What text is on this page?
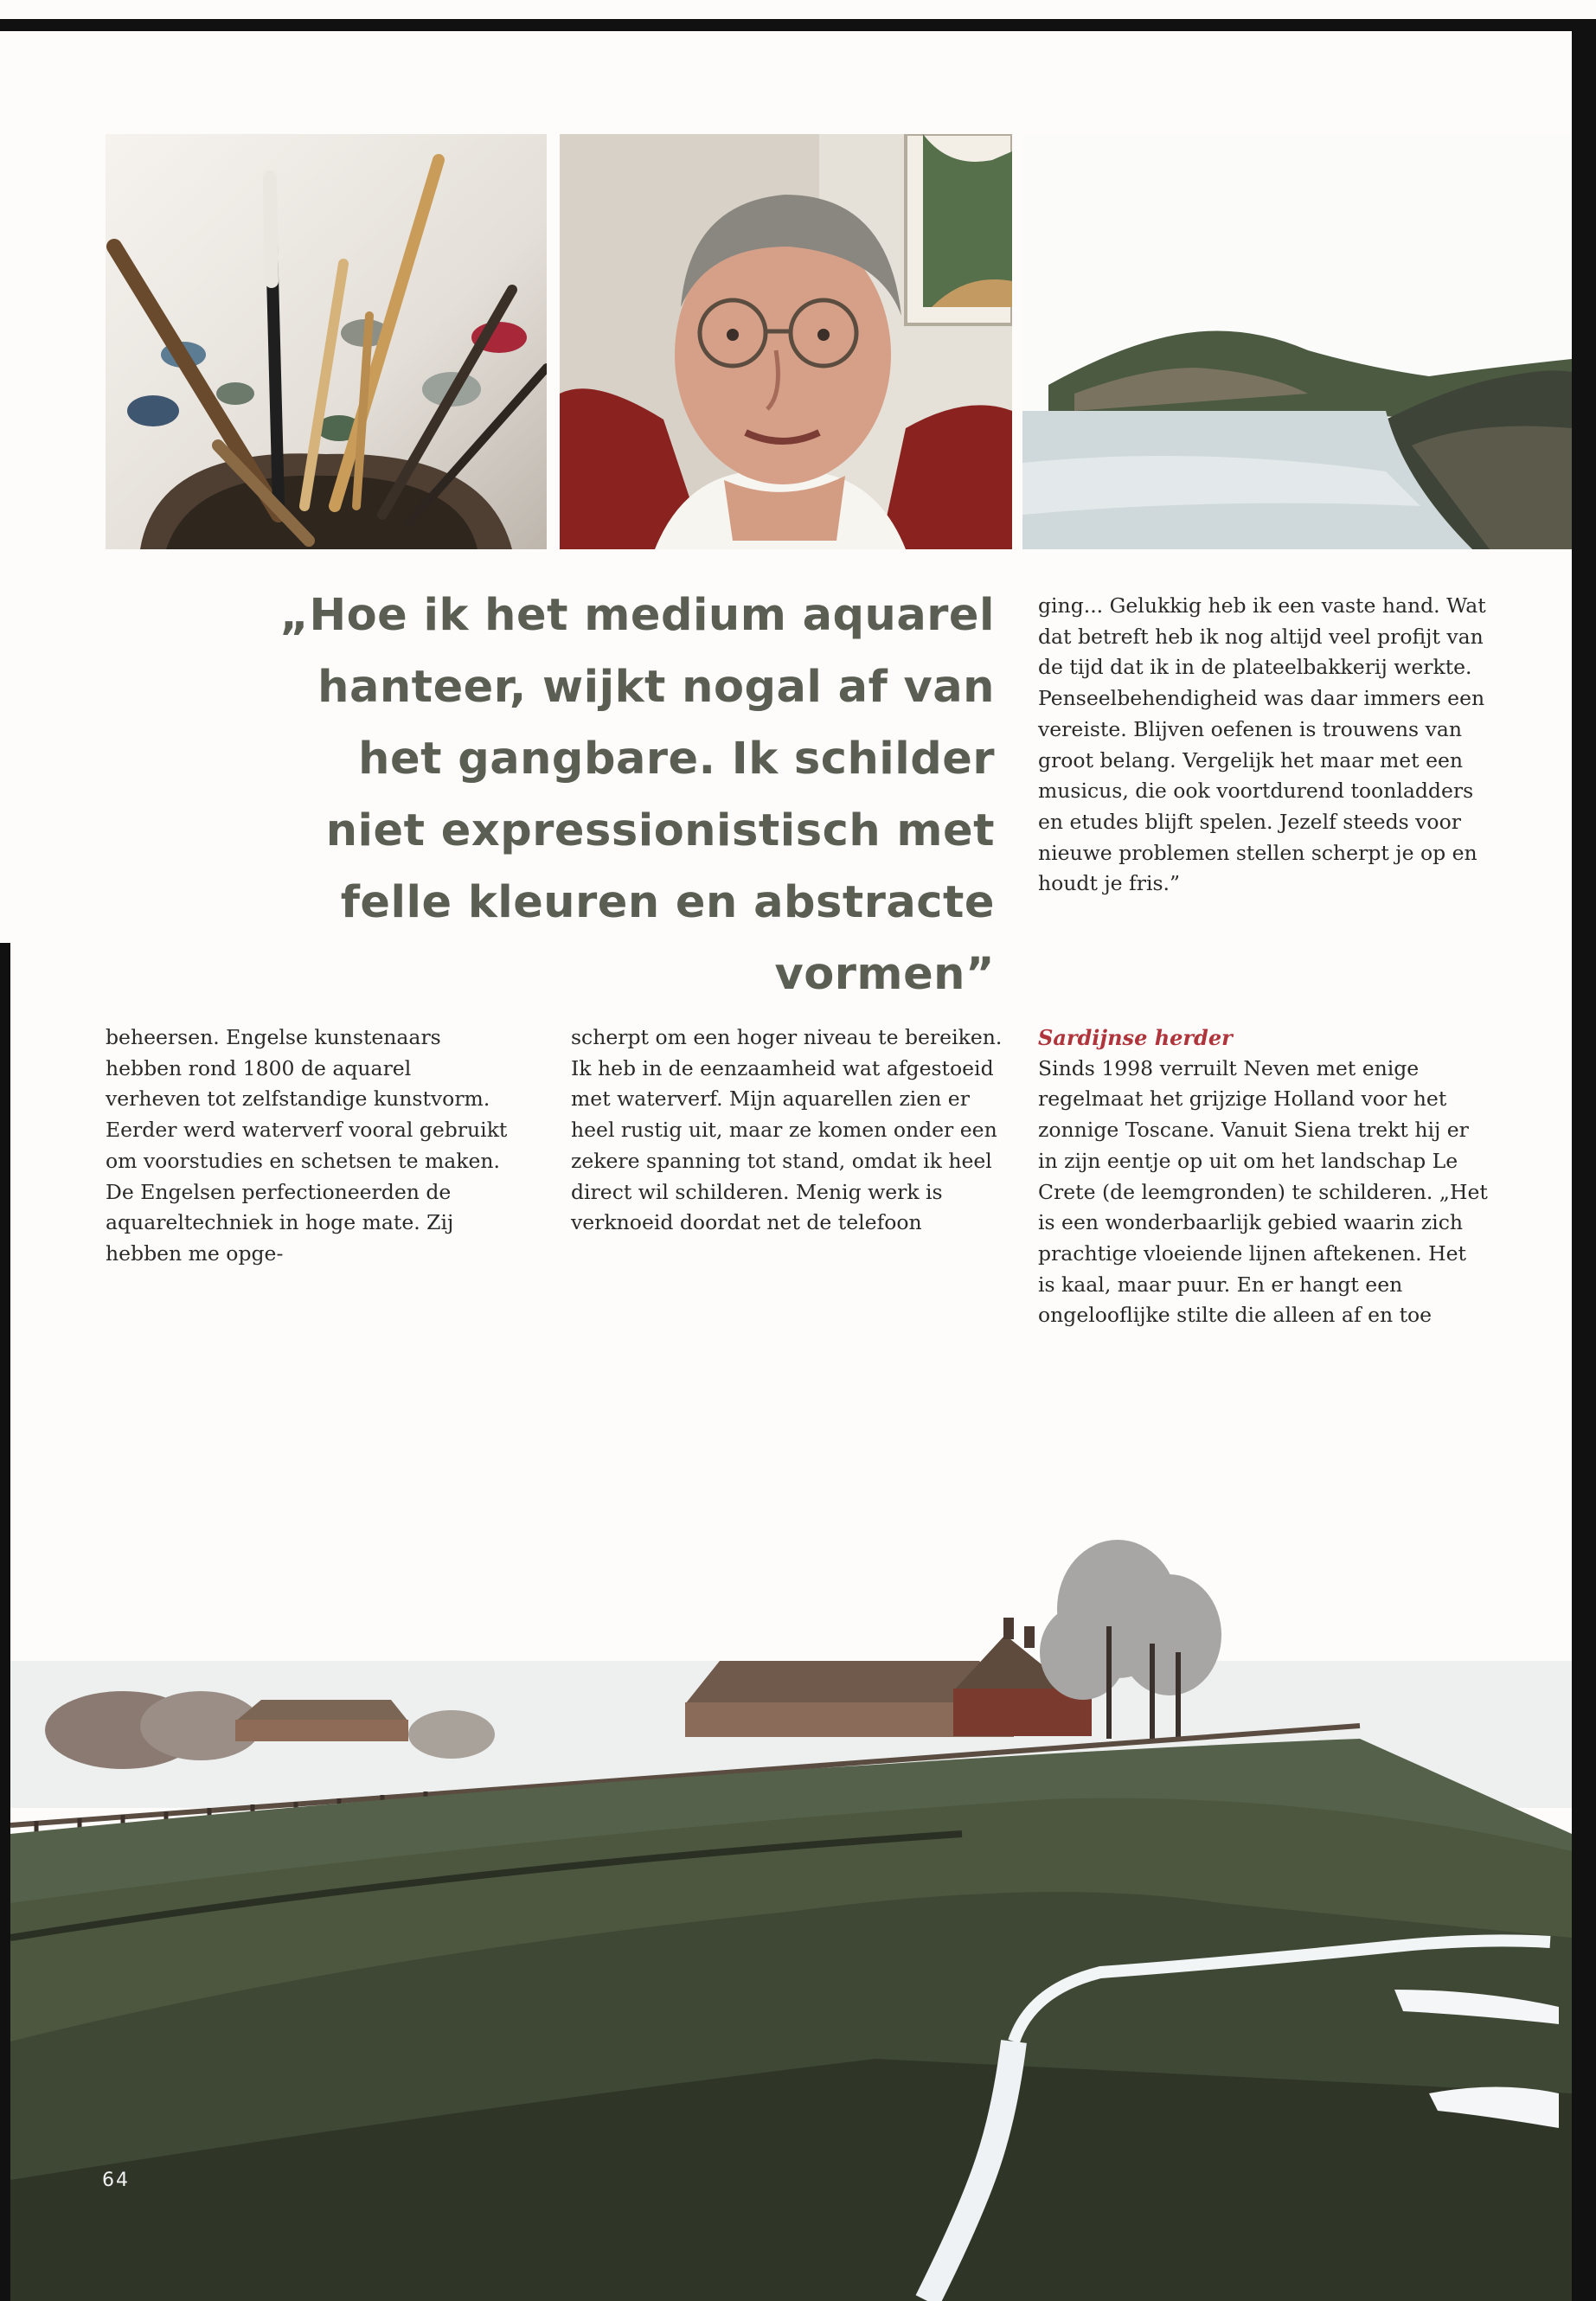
„Hoe ik het medium aquarel hanteer, wijkt nogal af van het gangbare. Ik schilder niet expressionistisch met felle kleuren en abstracte vormen”

ging... Gelukkig heb ik een vaste hand. Wat dat betreft heb ik nog altijd veel profijt van de tijd dat ik in de plateelbakkerij werkte. Penseelbehendigheid was daar immers een vereiste. Blijven oefenen is trouwens van groot belang. Vergelijk het maar met een musicus, die ook voortdurend toonladders en etudes blijft spelen. Jezelf steeds voor nieuwe problemen stellen scherpt je op en houdt je fris.”

beheersen. Engelse kunstenaars hebben rond 1800 de aquarel verheven tot zelfstandige kunstvorm. Eerder werd waterverf vooral gebruikt om voorstudies en schetsen te maken. De Engelsen perfectioneerden de aquareltechniek in hoge mate. Zij hebben me opge-

scherpt om een hoger niveau te bereiken. Ik heb in de eenzaamheid wat afgestoeid met waterverf. Mijn aquarellen zien er heel rustig uit, maar ze komen onder een zekere spanning tot stand, omdat ik heel direct wil schilderen. Menig werk is verknoeid doordat net de telefoon

Sardijnse herder

Sinds 1998 verruilt Neven met enige regelmaat het grijzige Holland voor het zonnige Toscane. Vanuit Siena trekt hij er in zijn eentje op uit om het landschap Le Crete (de leemgronden) te schilderen. „Het is een wonderbaarlijk gebied waarin zich prachtige vloeiende lijnen aftekenen. Het is kaal, maar puur. En er hangt een ongelooflijke stilte die alleen af en toe

64
